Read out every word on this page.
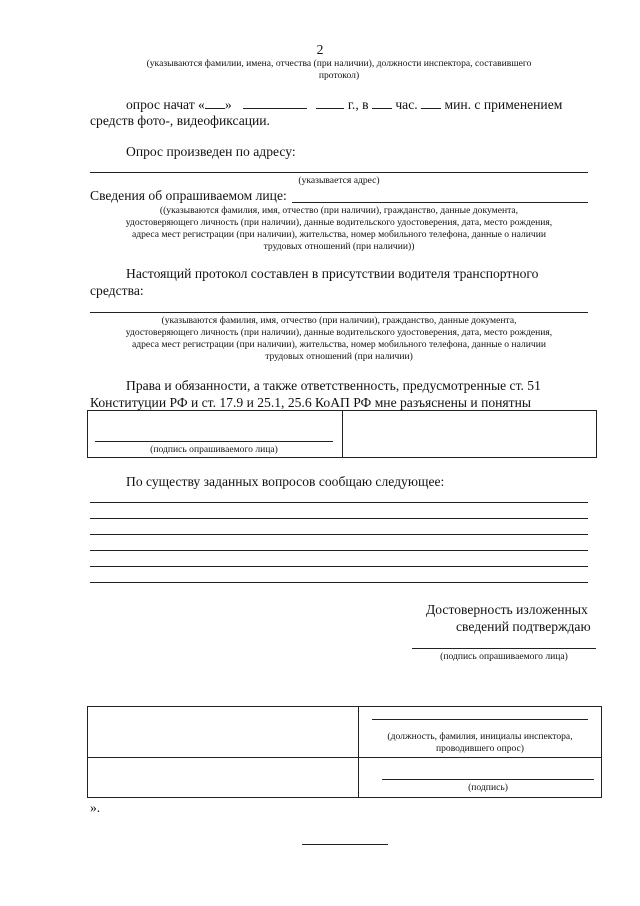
2
(указываются фамилии, имена, отчества (при наличии), должности инспектора, составившего
протокол)
опрос начат « »	г., в час. мин. с применением
средств фото-, видеофиксации.
Опрос произведен по адресу:
(указывается адрес)
Сведения об опрашиваемом лице:
((указываются фамилия, имя, отчество (при наличии), гражданство, данные документа,
удостоверяющего личность (при наличии), данные водительского удостоверения, дата, место рождения,
адреса мест регистрации (при наличии), жительства, номер мобильного телефона, данные о наличии
трудовых отношений (при наличии))
Настоящий протокол составлен в присутствии водителя транспортного
средства:
(указываются фамилия, имя, отчество (при наличии), гражданство, данные документа,
удостоверяющего личность (при наличии), данные водительского удостоверения, дата, место рождения,
адреса мест регистрации (при наличии), жительства, номер мобильного телефона, данные о наличии
трудовых отношений (при наличии)
Права и обязанности, а также ответственность, предусмотренные ст. 51
Конституции РФ и ст. 17.9 и 25.1, 25.6 КоАП РФ мне разъяснены и понятны
(подпись опрашиваемого лица)
По существу заданных вопросов сообщаю следующее:
Достоверность изложенных
сведений подтверждаю
(подпись опрашиваемого лица)
(должность, фамилия, инициалы инспектора,
проводившего опрос)
(подпись)
».
